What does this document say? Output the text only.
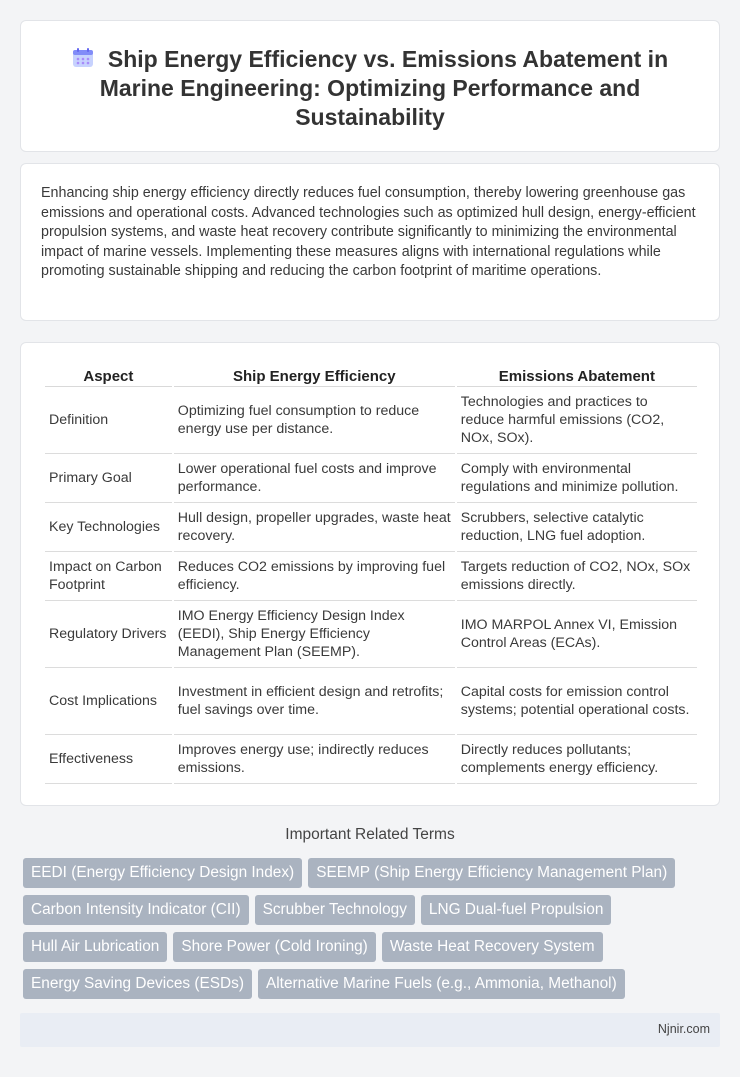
Ship Energy Efficiency vs. Emissions Abatement in Marine Engineering: Optimizing Performance and Sustainability

Enhancing ship energy efficiency directly reduces fuel consumption, thereby lowering greenhouse gas emissions and operational costs. Advanced technologies such as optimized hull design, energy-efficient propulsion systems, and waste heat recovery contribute significantly to minimizing the environmental impact of marine vessels. Implementing these measures aligns with international regulations while promoting sustainable shipping and reducing the carbon footprint of maritime operations.

Aspect	Ship Energy Efficiency	Emissions Abatement
Definition	Optimizing fuel consumption to reduce energy use per distance.	Technologies and practices to reduce harmful emissions (CO2, NOx, SOx).
Primary Goal	Lower operational fuel costs and improve performance.	Comply with environmental regulations and minimize pollution.
Key Technologies	Hull design, propeller upgrades, waste heat recovery.	Scrubbers, selective catalytic reduction, LNG fuel adoption.
Impact on Carbon Footprint	Reduces CO2 emissions by improving fuel efficiency.	Targets reduction of CO2, NOx, SOx emissions directly.
Regulatory Drivers	IMO Energy Efficiency Design Index (EEDI), Ship Energy Efficiency Management Plan (SEEMP).	IMO MARPOL Annex VI, Emission Control Areas (ECAs).
Cost Implications	Investment in efficient design and retrofits; fuel savings over time.	Capital costs for emission control systems; potential operational costs.
Effectiveness	Improves energy use; indirectly reduces emissions.	Directly reduces pollutants; complements energy efficiency.
Important Related Terms
EEDI (Energy Efficiency Design Index) SEEMP (Ship Energy Efficiency Management Plan)
Carbon Intensity Indicator (CII) Scrubber Technology LNG Dual-fuel Propulsion
Hull Air Lubrication Shore Power (Cold Ironing) Waste Heat Recovery System
Energy Saving Devices (ESDs) Alternative Marine Fuels (e.g., Ammonia, Methanol)
Njnir.com
